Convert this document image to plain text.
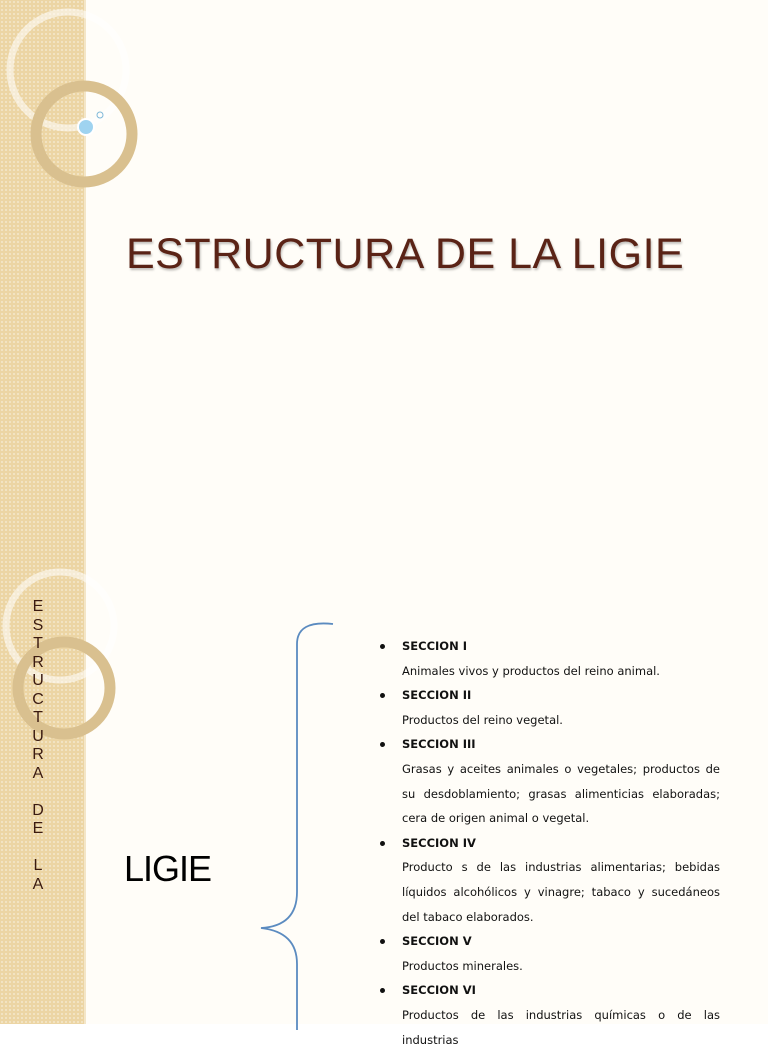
ESTRUCTURA DE LA LIGIE
E
S
T
R
U
C
T
U
R
A
D
E
L
A LIGIE
SECCION I
Animales vivos y productos del reino animal.
SECCION II
Productos del reino vegetal.
SECCION III
Grasas y aceites animales o vegetales; productos de su desdoblamiento; grasas alimenticias elaboradas; cera de origen animal o vegetal.
SECCION IV
Producto s de las industrias alimentarias; bebidas líquidos alcohólicos y vinagre; tabaco y sucedáneos del tabaco elaborados.
SECCION V
Productos minerales.
SECCION VI
Productos de las industrias químicas o de las industrias
